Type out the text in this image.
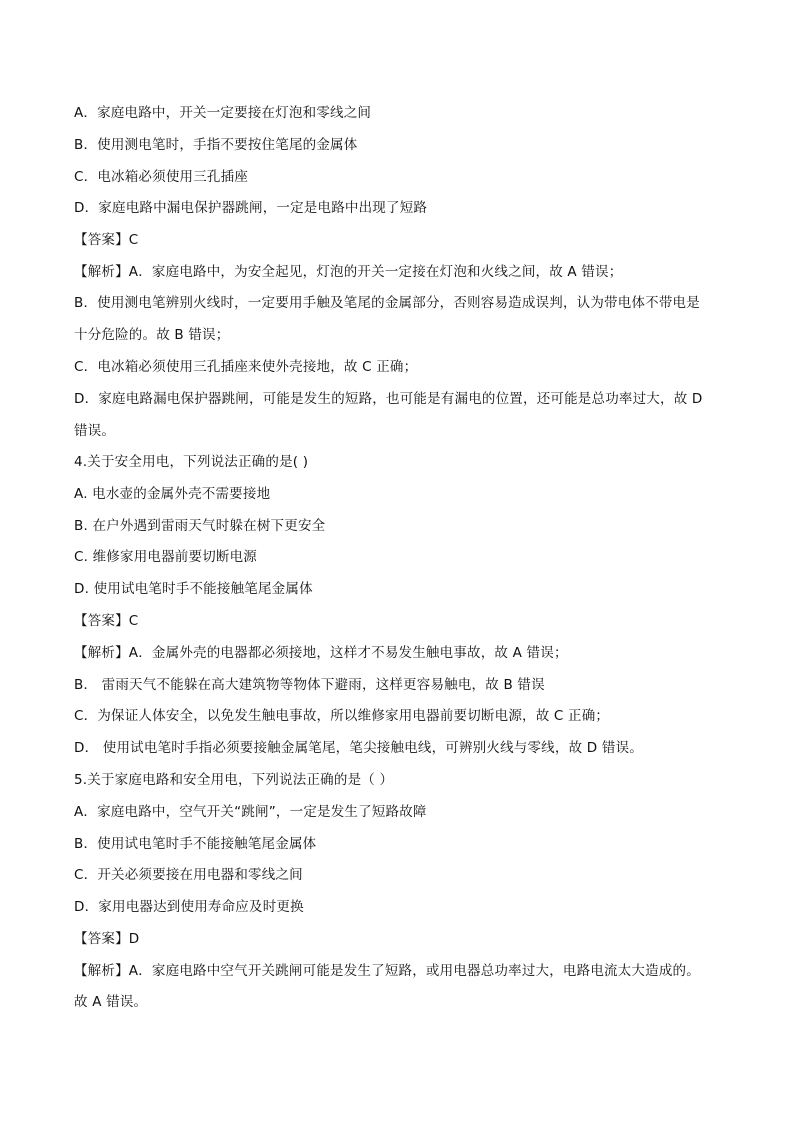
A．家庭电路中，开关一定要接在灯泡和零线之间
B．使用测电笔时，手指不要按住笔尾的金属体
C．电冰箱必须使用三孔插座
D．家庭电路中漏电保护器跳闸，一定是电路中出现了短路
【答案】C
【解析】A．家庭电路中，为安全起见，灯泡的开关一定接在灯泡和火线之间，故 A 错误；
B．使用测电笔辨别火线时，一定要用手触及笔尾的金属部分，否则容易造成误判，认为带电体不带电是
十分危险的。故 B 错误；
C．电冰箱必须使用三孔插座来使外壳接地，故 C 正确；
D．家庭电路漏电保护器跳闸，可能是发生的短路，也可能是有漏电的位置，还可能是总功率过大，故 D
错误。
4.关于安全用电，下列说法正确的是( )
A. 电水壶的金属外壳不需要接地
B. 在户外遇到雷雨天气时躲在树下更安全
C. 维修家用电器前要切断电源
D. 使用试电笔时手不能接触笔尾金属体
【答案】C
【解析】A．金属外壳的电器都必须接地，这样才不易发生触电事故，故 A 错误；
B． 雷雨天气不能躲在高大建筑物等物体下避雨，这样更容易触电，故 B 错误
C．为保证人体安全，以免发生触电事故，所以维修家用电器前要切断电源，故 C 正确；
D． 使用试电笔时手指必须要接触金属笔尾，笔尖接触电线，可辨别火线与零线，故 D 错误。
5.关于家庭电路和安全用电，下列说法正确的是（ ）
A．家庭电路中，空气开关“跳闸”，一定是发生了短路故障
B．使用试电笔时手不能接触笔尾金属体
C．开关必须要接在用电器和零线之间
D．家用电器达到使用寿命应及时更换
【答案】D
【解析】A．家庭电路中空气开关跳闸可能是发生了短路，或用电器总功率过大，电路电流太大造成的。
故 A 错误。
